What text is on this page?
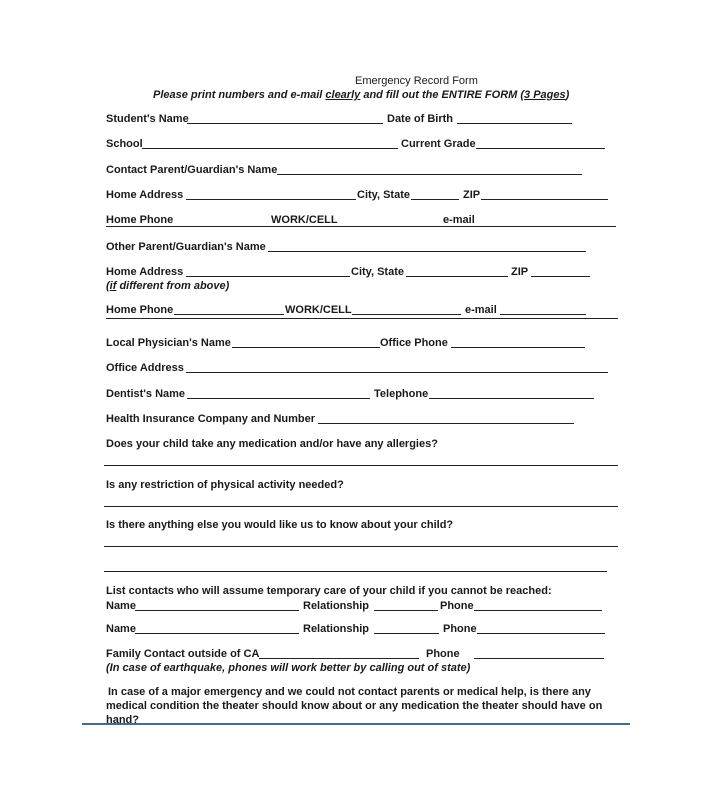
Emergency Record Form
Please print numbers and e-mail clearly and fill out the ENTIRE FORM (3 Pages)
Student's Name	Date of Birth
School	Current Grade
Contact Parent/Guardian's Name
Home Address	City, State	ZIP
Home Phone	WORK/CELL	e-mail
Other Parent/Guardian's Name
Home Address	City, State	ZIP
(if different from above)
Home Phone	WORK/CELL	e-mail
Local Physician's Name	Office Phone
Office Address
Dentist's Name	Telephone
Health Insurance Company and Number
Does your child take any medication and/or have any allergies?
Is any restriction of physical activity needed?
Is there anything else you would like us to know about your child?
List contacts who will assume temporary care of your child if you cannot be reached:
Name	Relationship	Phone
Name	Relationship	Phone
Family Contact outside of CA	Phone
(In case of earthquake, phones will work better by calling out of state)
In case of a major emergency and we could not contact parents or medical help, is there any
medical condition the theater should know about or any medication the theater should have on
hand?
